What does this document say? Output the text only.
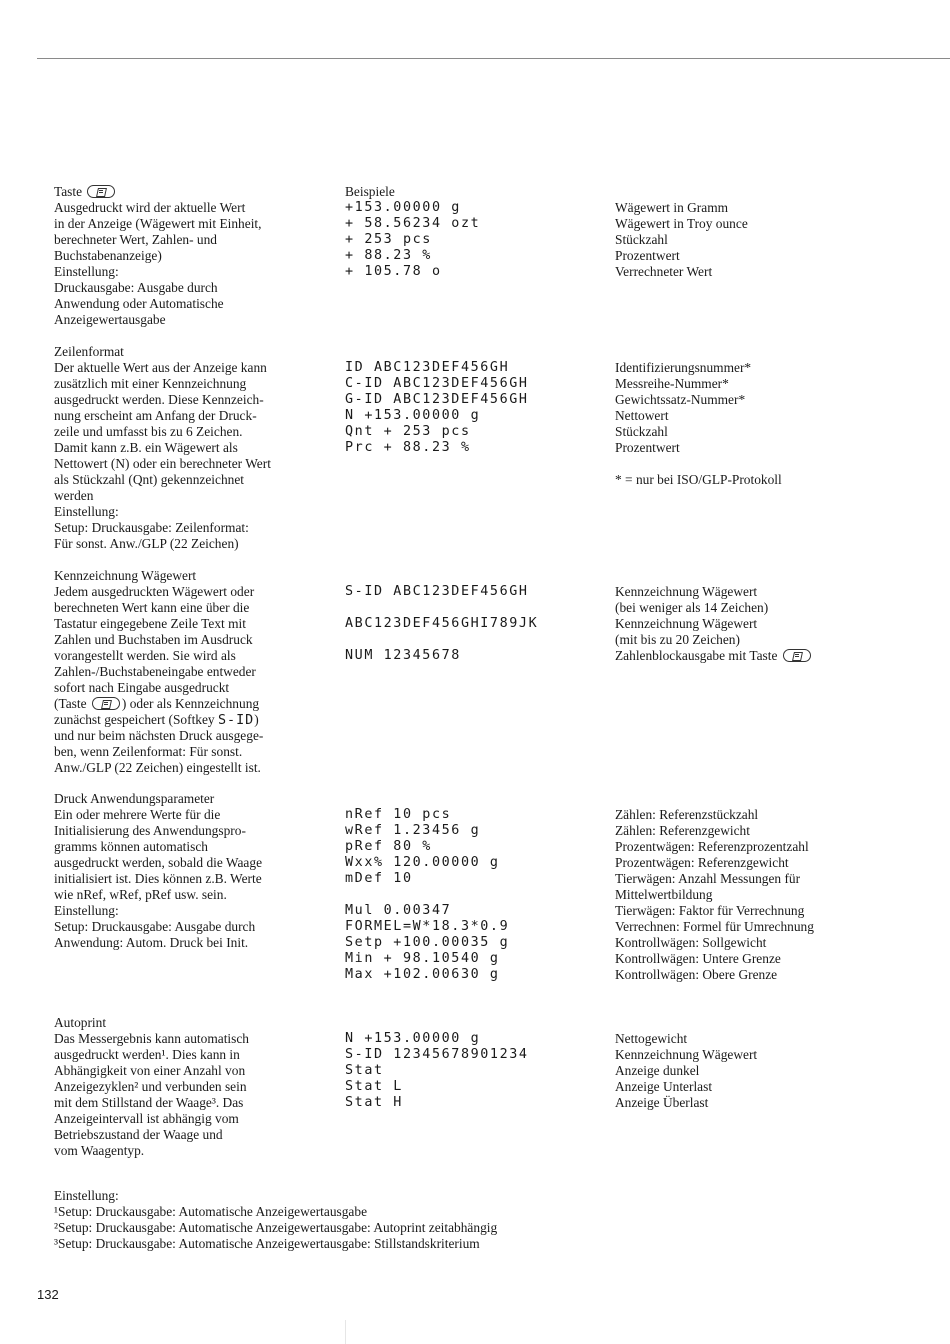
Taste
Ausgedruckt wird der aktuelle Wert
in der Anzeige (Wägewert mit Einheit,
berechneter Wert, Zahlen- und
Buchstabenanzeige)
Einstellung:
Druckausgabe: Ausgabe durch
Anwendung oder Automatische
Anzeigewertausgabe
Beispiele
+153.00000 g
+ 58.56234 ozt
+ 253 pcs
+ 88.23 %
+ 105.78 o
Wägewert in Gramm
Wägewert in Troy ounce
Stückzahl
Prozentwert
Verrechneter Wert
Zeilenformat
Der aktuelle Wert aus der Anzeige kann
zusätzlich mit einer Kennzeichnung
ausgedruckt werden. Diese Kennzeich-
nung erscheint am Anfang der Druck-
zeile und umfasst bis zu 6 Zeichen.
Damit kann z.B. ein Wägewert als
Nettowert (N) oder ein berechneter Wert
als Stückzahl (Qnt) gekennzeichnet
werden
Einstellung:
Setup: Druckausgabe: Zeilenformat:
Für sonst. Anw./GLP (22 Zeichen)
ID ABC123DEF456GH
C-ID ABC123DEF456GH
G-ID ABC123DEF456GH
N +153.00000 g
Qnt + 253 pcs
Prc + 88.23 %
Identifizierungsnummer*
Messreihe-Nummer*
Gewichtssatz-Nummer*
Nettowert
Stückzahl
Prozentwert
* = nur bei ISO/GLP-Protokoll
Kennzeichnung Wägewert
Jedem ausgedruckten Wägewert oder
berechneten Wert kann eine über die
Tastatur eingegebene Zeile Text mit
Zahlen und Buchstaben im Ausdruck
vorangestellt werden. Sie wird als
Zahlen-/Buchstabeneingabe entweder
sofort nach Eingabe ausgedruckt
(Taste	) oder als Kennzeichnung
zunächst gespeichert (Softkey S-ID)
und nur beim nächsten Druck ausgege-
ben, wenn Zeilenformat: Für sonst.
Anw./GLP (22 Zeichen) eingestellt ist.
S-ID ABC123DEF456GH
ABC123DEF456GHI789JK
NUM 12345678
Kennzeichnung Wägewert
(bei weniger als 14 Zeichen)
Kennzeichnung Wägewert
(mit bis zu 20 Zeichen)
Zahlenblockausgabe mit Taste
Druck Anwendungsparameter
Ein oder mehrere Werte für die
Initialisierung des Anwendungspro-
gramms können automatisch
ausgedruckt werden, sobald die Waage
initialisiert ist. Dies können z.B. Werte
wie nRef, wRef, pRef usw. sein.
Einstellung:
Setup: Druckausgabe: Ausgabe durch
Anwendung: Autom. Druck bei Init.
nRef 10 pcs
wRef 1.23456 g
pRef 80 %
Wxx% 120.00000 g
mDef 10
Mul 0.00347
FORMEL=W*18.3*0.9
Setp +100.00035 g
Min + 98.10540 g
Max +102.00630 g
Zählen: Referenzstückzahl
Zählen: Referenzgewicht
Prozentwägen: Referenzprozentzahl
Prozentwägen: Referenzgewicht
Tierwägen: Anzahl Messungen für
Mittelwertbildung
Tierwägen: Faktor für Verrechnung
Verrechnen: Formel für Umrechnung
Kontrollwägen: Sollgewicht
Kontrollwägen: Untere Grenze
Kontrollwägen: Obere Grenze
Autoprint
Das Messergebnis kann automatisch
ausgedruckt werden¹. Dies kann in
Abhängigkeit von einer Anzahl von
Anzeigezyklen² und verbunden sein
mit dem Stillstand der Waage³. Das
Anzeigeintervall ist abhängig vom
Betriebszustand der Waage und
vom Waagentyp.
N +153.00000 g
S-ID 12345678901234
Stat
Stat L
Stat H
Nettogewicht
Kennzeichnung Wägewert
Anzeige dunkel
Anzeige Unterlast
Anzeige Überlast
Einstellung:
¹Setup: Druckausgabe: Automatische Anzeigewertausgabe
²Setup: Druckausgabe: Automatische Anzeigewertausgabe: Autoprint zeitabhängig
³Setup: Druckausgabe: Automatische Anzeigewertausgabe: Stillstandskriterium
132
